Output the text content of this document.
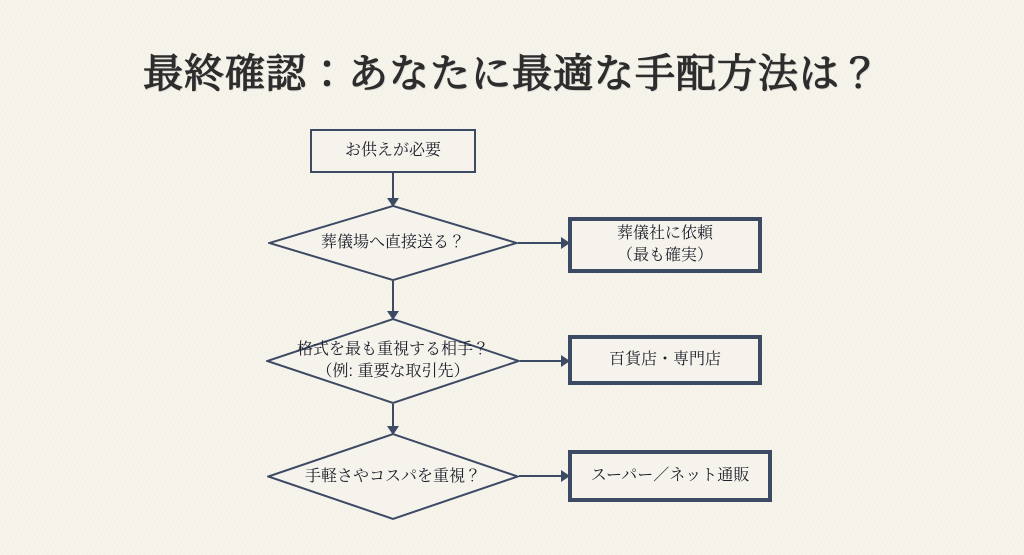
最終確認：あなたに最適な手配方法は？
お供えが必要
葬儀場へ直接送る？
葬儀社に依頼
（最も確実）
格式を最も重視する相手？
（例: 重要な取引先）
百貨店・専門店
手軽さやコスパを重視？	スーパー／ネット通販
